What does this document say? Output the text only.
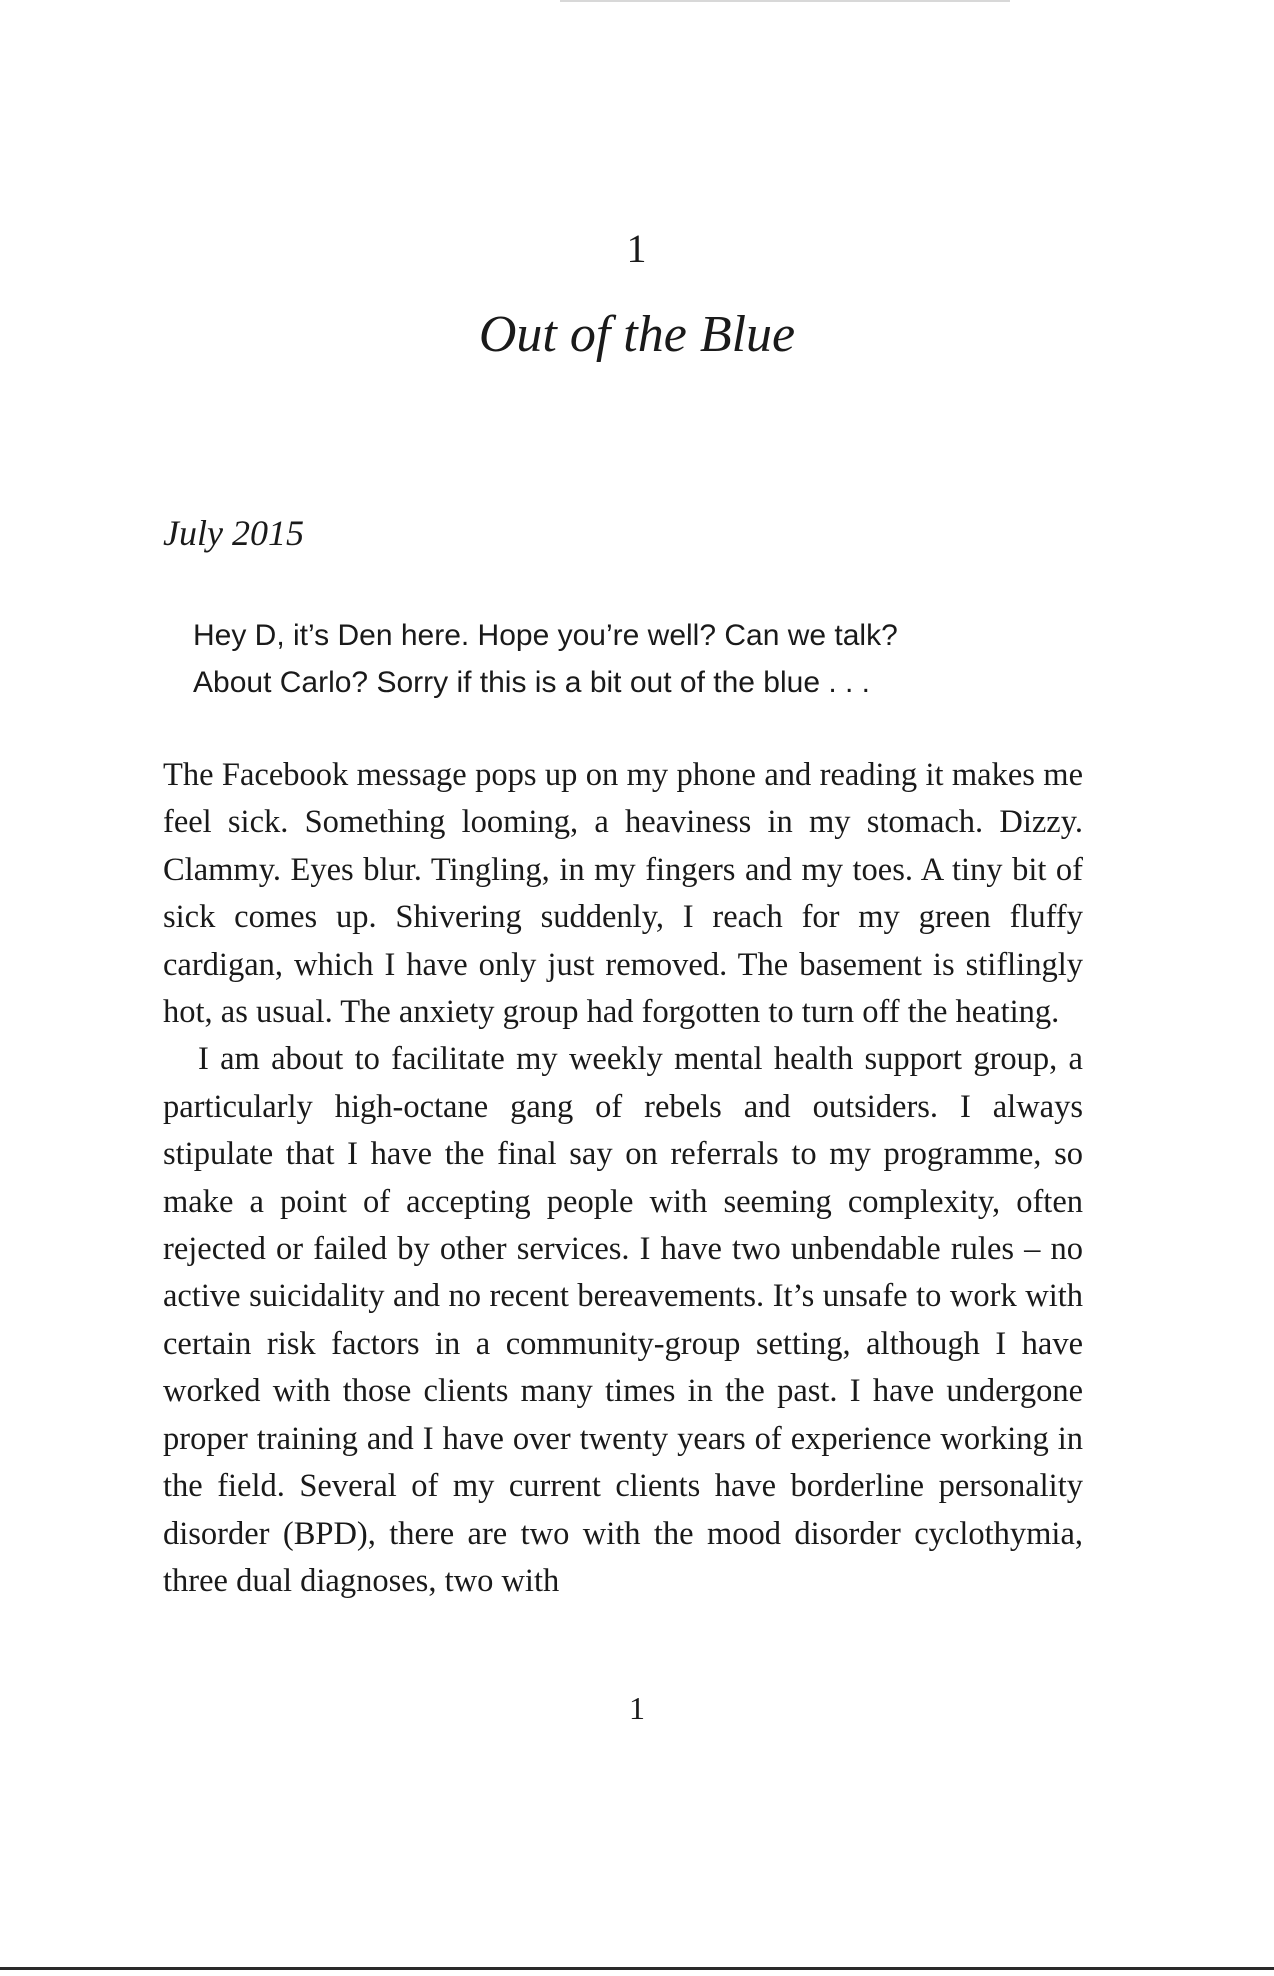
1
Out of the Blue
July 2015

Hey D, it’s Den here. Hope you’re well? Can we talk?

About Carlo? Sorry if this is a bit out of the blue . . .

The Facebook message pops up on my phone and reading it makes me feel sick. Something looming, a heaviness in my stomach. Dizzy. Clammy. Eyes blur. Tingling, in my fingers and my toes. A tiny bit of sick comes up. Shivering suddenly, I reach for my green fluffy cardigan, which I have only just removed. The basement is stiflingly hot, as usual. The anxiety group had forgotten to turn off the heating.

I am about to facilitate my weekly mental health support group, a particularly high-octane gang of rebels and outsiders. I always stipulate that I have the final say on referrals to my programme, so make a point of accepting people with seeming complexity, often rejected or failed by other services. I have two unbendable rules – no active suicidality and no recent bereavements. It’s unsafe to work with certain risk factors in a community-group setting, although I have worked with those clients many times in the past. I have undergone proper training and I have over twenty years of experience working in the field. Several of my current clients have borderline personality disorder (BPD), there are two with the mood disorder cyclothymia, three dual diagnoses, two with

1
